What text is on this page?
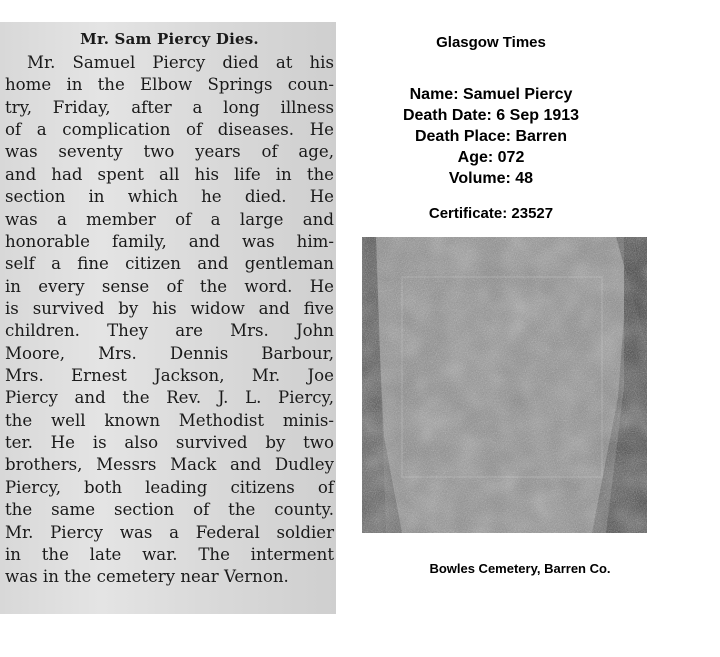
Mr. Sam Piercy Dies.
Mr. Samuel Piercy died at his
home in the Elbow Springs coun-
try, Friday, after a long illness
of a complication of diseases. He
was seventy two years of age,
and had spent all his life in the
section in which he died. He
was a member of a large and
honorable family, and was him-
self a fine citizen and gentleman
in every sense of the word. He
is survived by his widow and five
children. They are Mrs. John
Moore, Mrs. Dennis Barbour,
Mrs. Ernest Jackson, Mr. Joe
Piercy and the Rev. J. L. Piercy,
the well known Methodist minis-
ter. He is also survived by two
brothers, Messrs Mack and Dudley
Piercy, both leading citizens of
the same section of the county.
Mr. Piercy was a Federal soldier
in the late war. The interment
was in the cemetery near Vernon.
Glasgow Times
Name: Samuel Piercy
Death Date: 6 Sep 1913
Death Place: Barren
Age: 072
Volume: 48
Certificate: 23527
Bowles Cemetery, Barren Co.
